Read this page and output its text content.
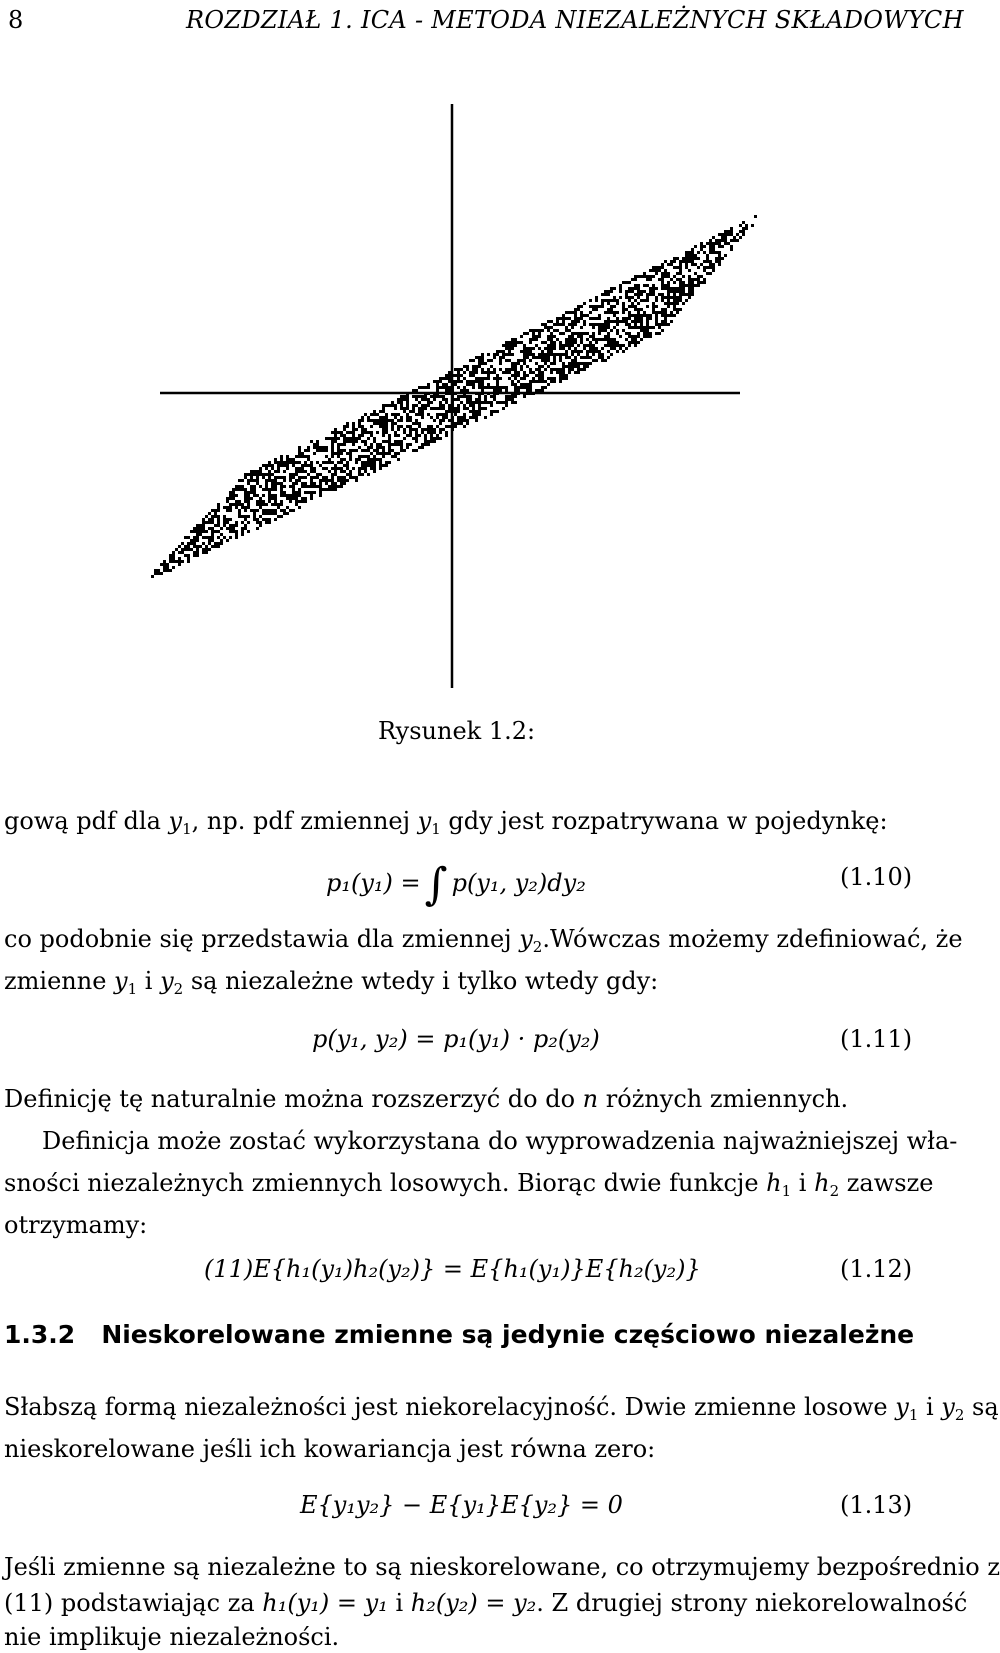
8	ROZDZIAŁ 1. ICA - METODA NIEZALEŻNYCH SKŁADOWYCH
Rysunek 1.2:
gową pdf dla $y_1$, np. pdf zmiennej $y_1$ gdy jest rozpatrywana w pojedynkę:
p₁(y₁) =∫ p(y₁, y₂)dy₂	(1.10)
co podobnie się przedstawia dla zmiennej $y_2.Wówczas$ możemy zdefiniować, że
zmienne $y_1$ i $y_2$ są niezależne wtedy i tylko wtedy gdy:
p(y₁, y₂) = p₁(y₁) · p₂(y₂)	(1.11)
Definicję tę naturalnie można rozszerzyć do do n różnych zmiennych.
Definicja może zostać wykorzystana do wyprowadzenia najważniejszej wła-
sności niezależnych zmiennych losowych. Biorąc dwie funkcje $h_1$ i $h_2$ zawsze
otrzymamy:
(11)E{h₁(y₁)h₂(y₂)} = E{h₁(y₁)}E{h₂(y₂)}	(1.12)
1.3.2 Nieskorelowane zmienne są jedynie częściowo niezależne
Słabszą formą niezależności jest niekorelacyjność. Dwie zmienne losowe $y_1$ i $y_2$ są
nieskorelowane jeśli ich kowariancja jest równa zero:
E{y₁y₂} − E{y₁}E{y₂} = 0	(1.13)
Jeśli zmienne są niezależne to są nieskorelowane, co otrzymujemy bezpośrednio z
(11) podstawiając za h₁(y₁) = y₁ i h₂(y₂) = y₂. Z drugiej strony niekorelowalność
nie implikuje niezależności.
